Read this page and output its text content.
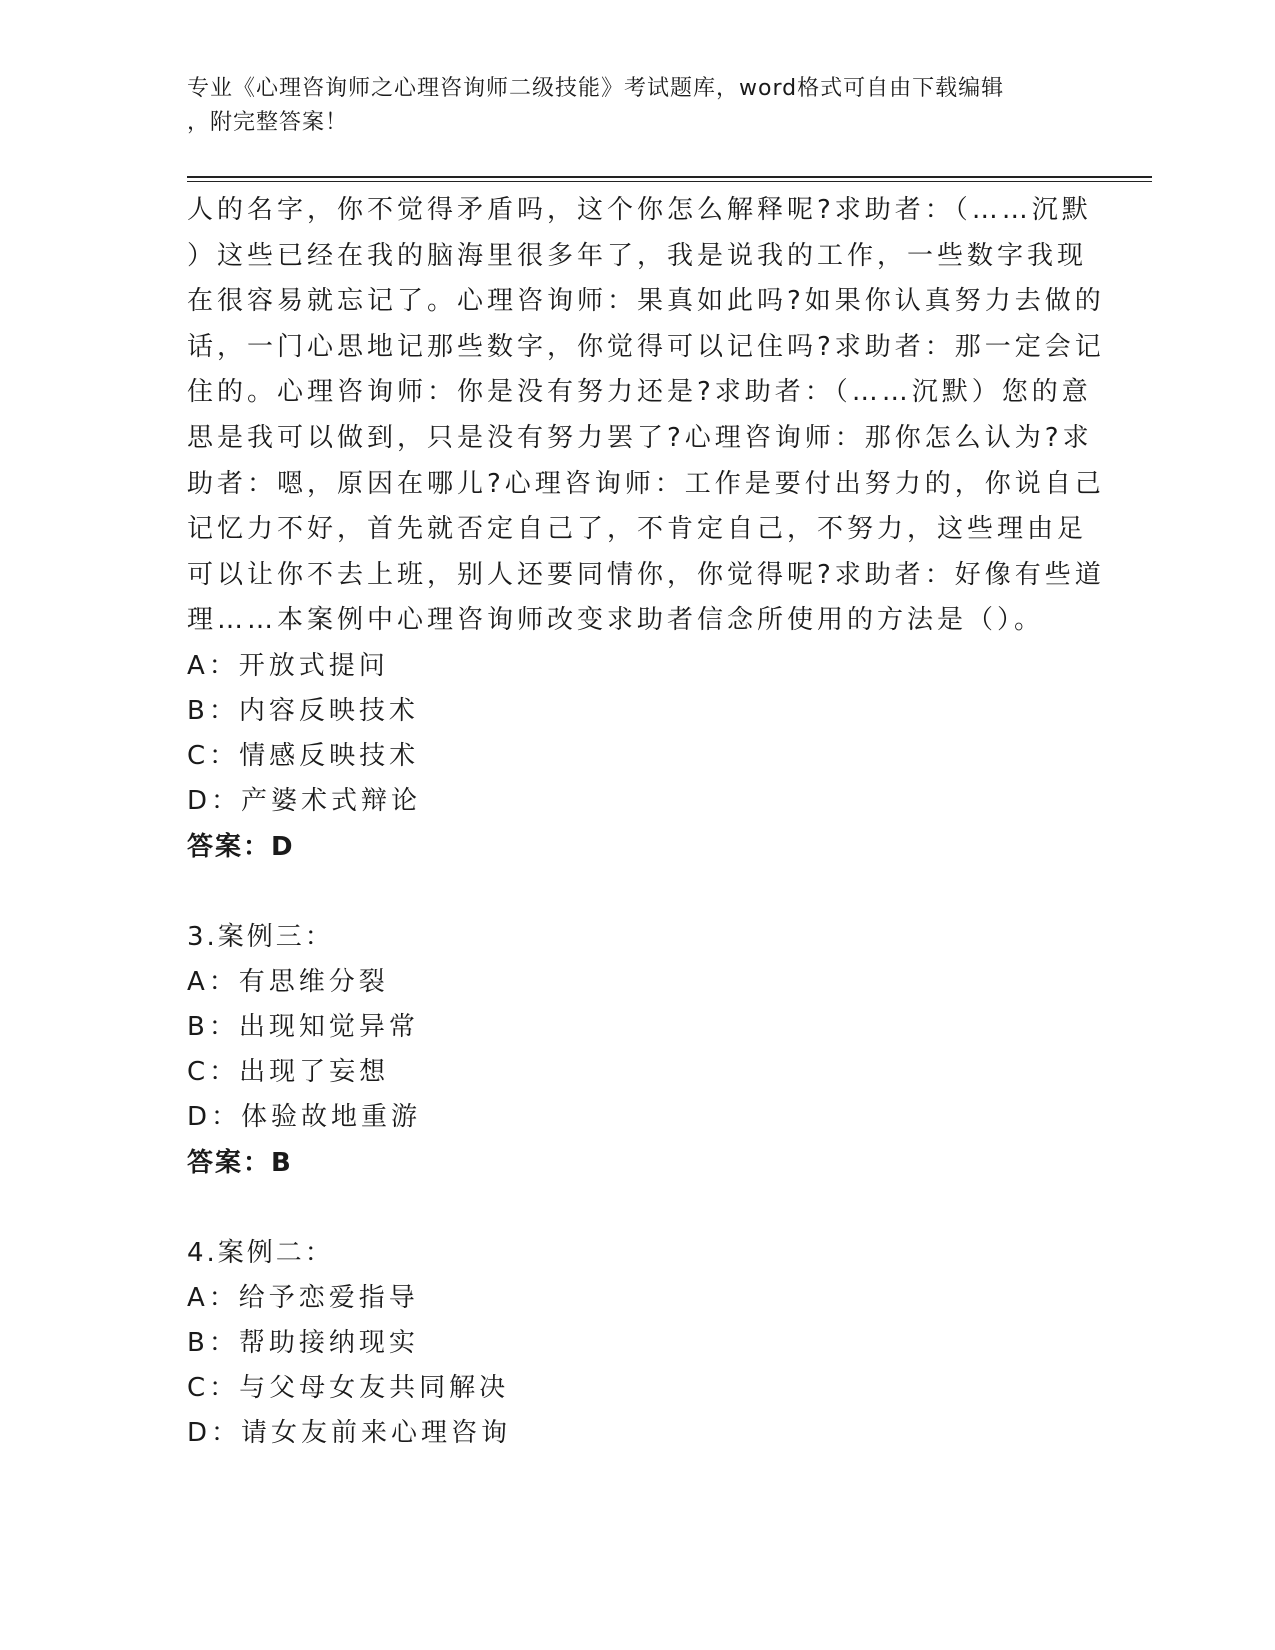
专业《心理咨询师之心理咨询师二级技能》考试题库，word格式可自由下载编辑
，附完整答案！
人的名字，你不觉得矛盾吗，这个你怎么解释呢?求助者：（……沉默
）这些已经在我的脑海里很多年了，我是说我的工作，一些数字我现
在很容易就忘记了。心理咨询师：果真如此吗?如果你认真努力去做的
话，一门心思地记那些数字，你觉得可以记住吗?求助者：那一定会记
住的。心理咨询师：你是没有努力还是?求助者：（……沉默）您的意
思是我可以做到，只是没有努力罢了?心理咨询师：那你怎么认为?求
助者：嗯，原因在哪儿?心理咨询师：工作是要付出努力的，你说自己
记忆力不好，首先就否定自己了，不肯定自己，不努力，这些理由足
可以让你不去上班，别人还要同情你，你觉得呢?求助者：好像有些道
理……本案例中心理咨询师改变求助者信念所使用的方法是（）。
A：开放式提问
B：内容反映技术
C：情感反映技术
D：产婆术式辩论
答案：D
3.案例三：
A：有思维分裂
B：出现知觉异常
C：出现了妄想
D：体验故地重游
答案：B
4.案例二：
A：给予恋爱指导
B：帮助接纳现实
C：与父母女友共同解决
D：请女友前来心理咨询
